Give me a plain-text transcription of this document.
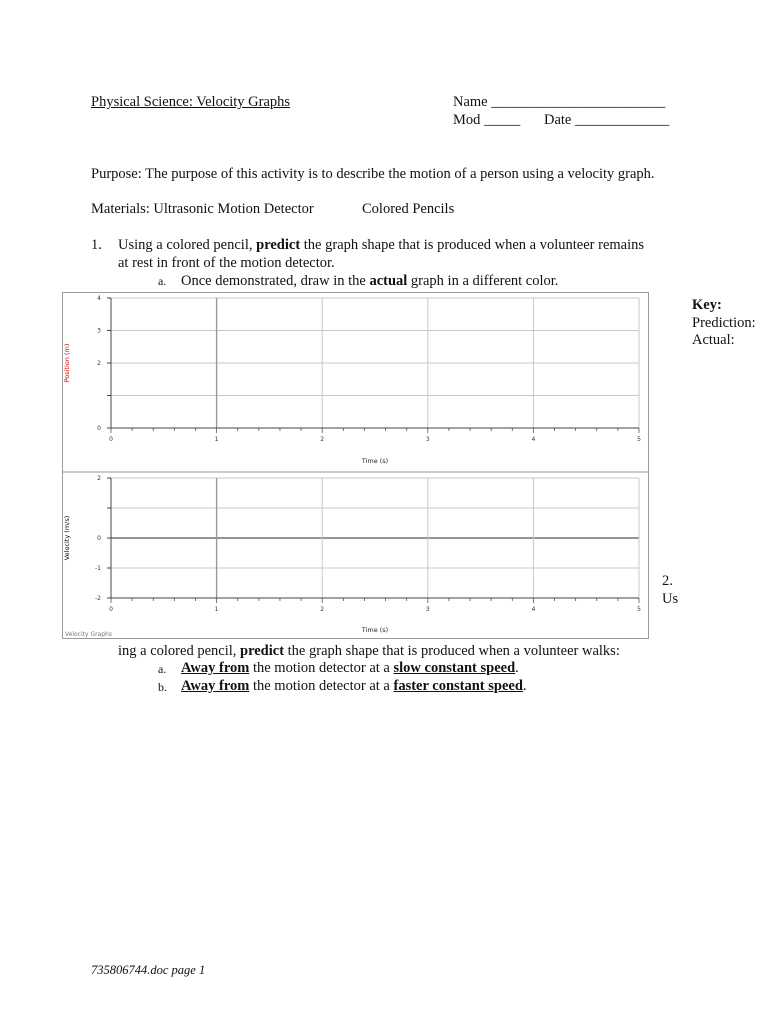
Physical Science: Velocity Graphs	Name ________________________
Mod _____ Date _____________
Purpose: The purpose of this activity is to describe the motion of a person using a velocity graph.
Materials: Ultrasonic Motion Detector	Colored Pencils
1. Using a colored pencil, predict the graph shape that is produced when a volunteer remains
at rest in front of the motion detector.
a. Once demonstrated, draw in the actual graph in a different color.
4
3
2
0
0	1	2	3	4	5
Time (s)
Position (m)
2
0
-1
-2
0	1	2	3	4	5
Time (s)
Velocity (m/s)
Velocity Graphs
Key:
Prediction:
Actual:
2.
Us
ing a colored pencil, predict the graph shape that is produced when a volunteer walks:
a. Away from the motion detector at a slow constant speed.
b. Away from the motion detector at a faster constant speed.
735806744.doc page 1
